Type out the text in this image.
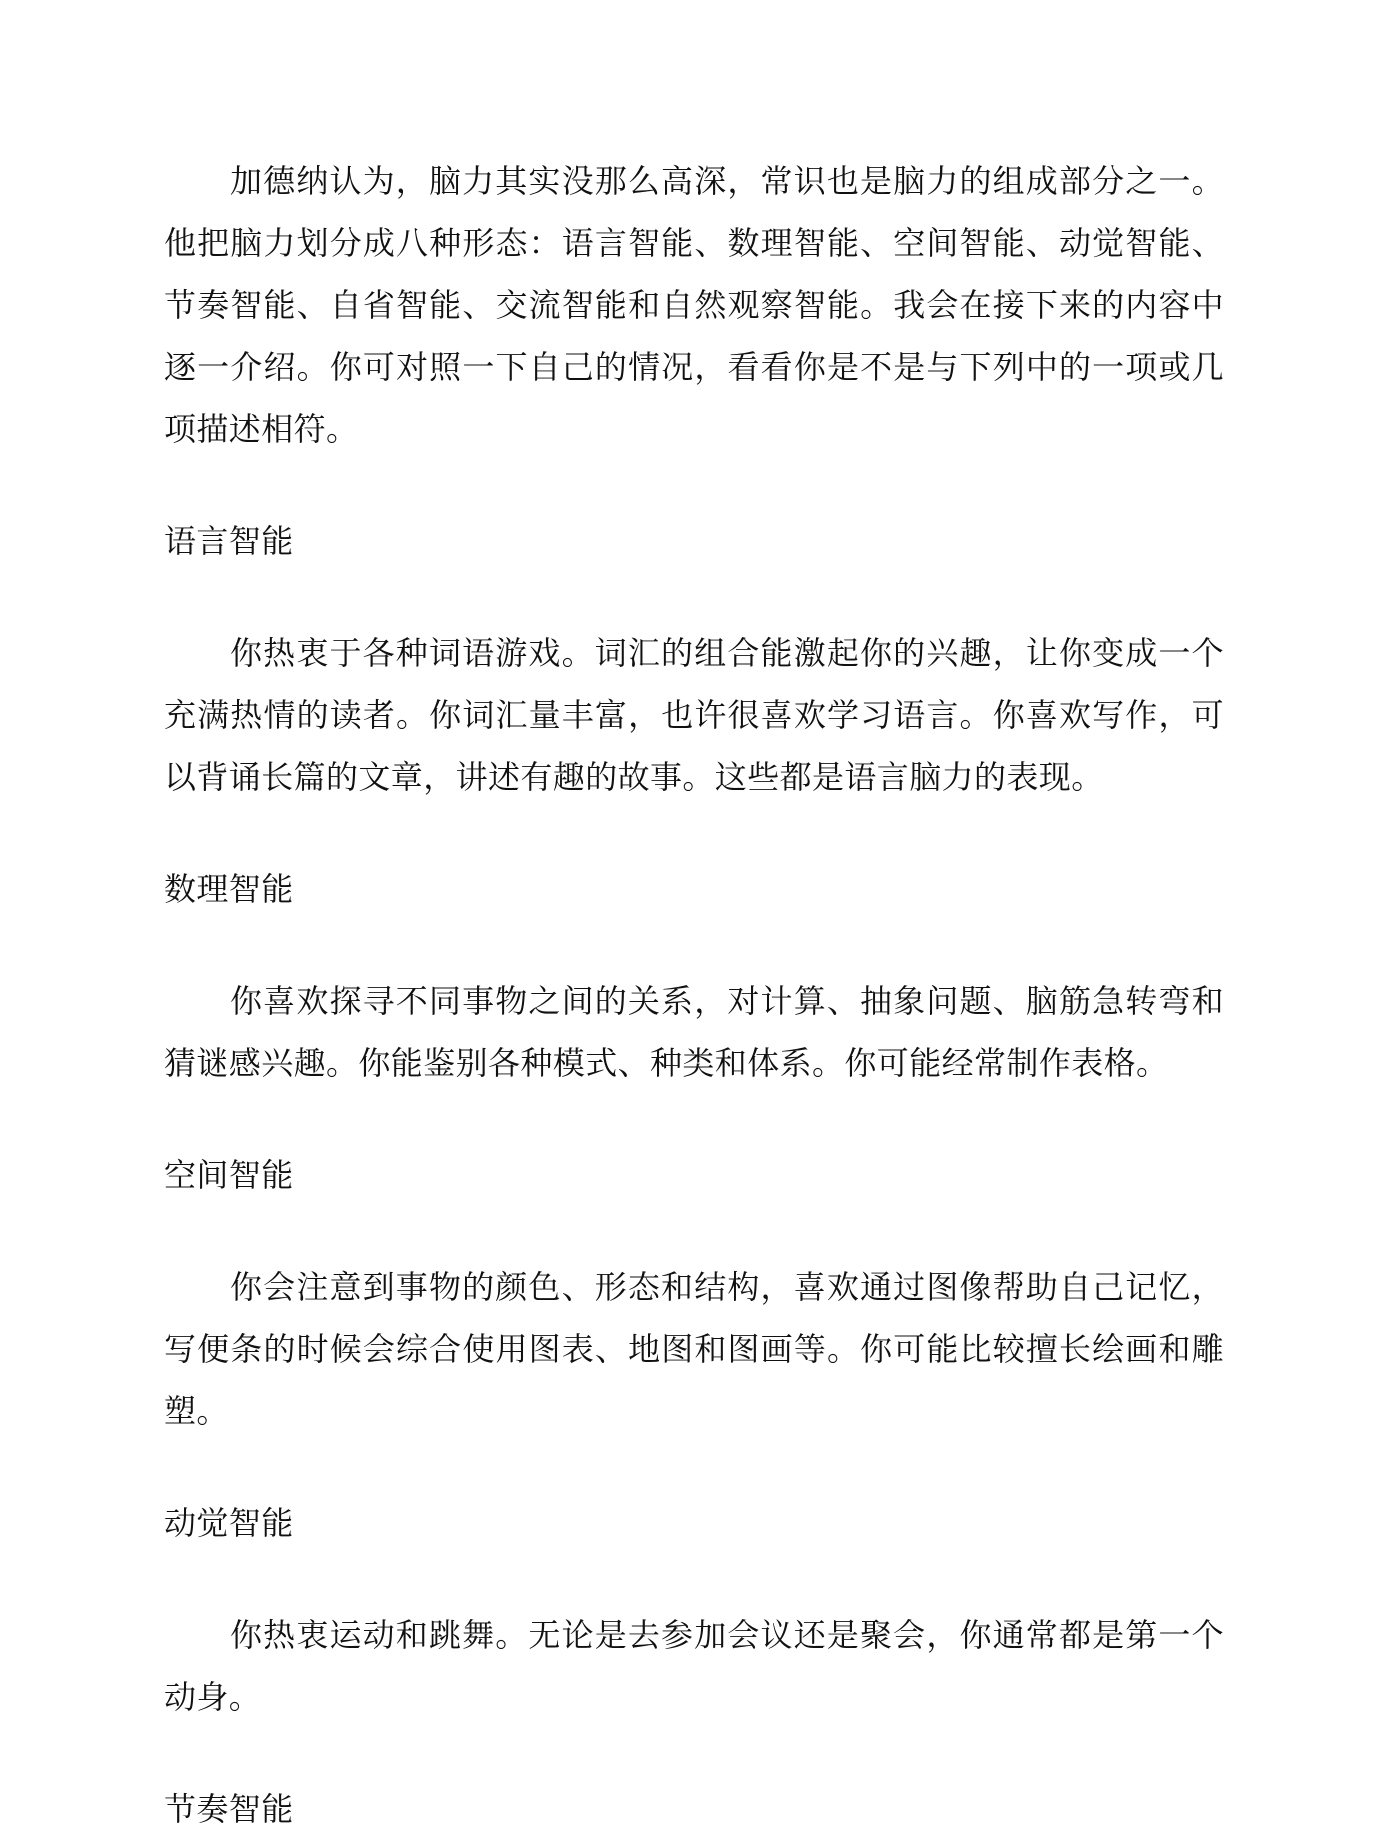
加德纳认为，脑力其实没那么高深，常识也是脑力的组成部分之一。他把脑力划分成八种形态：语言智能、数理智能、空间智能、动觉智能、节奏智能、自省智能、交流智能和自然观察智能。我会在接下来的内容中逐一介绍。你可对照一下自己的情况，看看你是不是与下列中的一项或几项描述相符。

语言智能

你热衷于各种词语游戏。词汇的组合能激起你的兴趣，让你变成一个充满热情的读者。你词汇量丰富，也许很喜欢学习语言。你喜欢写作，可以背诵长篇的文章，讲述有趣的故事。这些都是语言脑力的表现。

数理智能

你喜欢探寻不同事物之间的关系，对计算、抽象问题、脑筋急转弯和猜谜感兴趣。你能鉴别各种模式、种类和体系。你可能经常制作表格。

空间智能

你会注意到事物的颜色、形态和结构，喜欢通过图像帮助自己记忆，写便条的时候会综合使用图表、地图和图画等。你可能比较擅长绘画和雕塑。

动觉智能

你热衷运动和跳舞。无论是去参加会议还是聚会，你通常都是第一个动身。

节奏智能
